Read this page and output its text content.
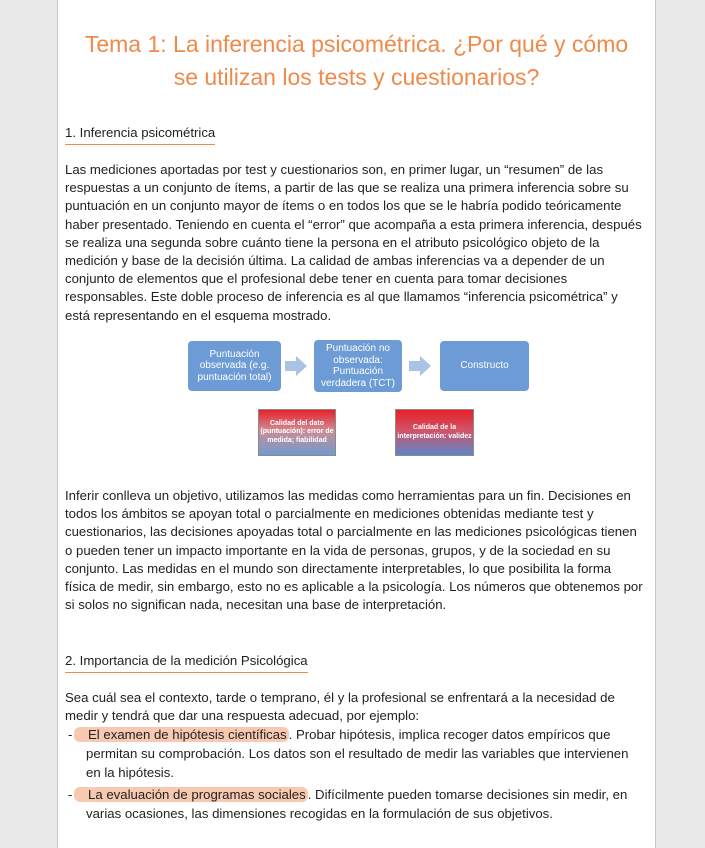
Tema 1: La inferencia psicométrica. ¿Por qué y cómo
se utilizan los tests y cuestionarios?
1. Inferencia psicométrica
Las mediciones aportadas por test y cuestionarios son, en primer lugar, un “resumen” de las respuestas a un conjunto de ítems, a partir de las que se realiza una primera inferencia sobre su puntuación en un conjunto mayor de ítems o en todos los que se le habría podido teóricamente haber presentado. Teniendo en cuenta el “error” que acompaña a esta primera inferencia, después se realiza una segunda sobre cuánto tiene la persona en el atributo psicológico objeto de la medición y base de la decisión última. La calidad de ambas inferencias va a depender de un conjunto de elementos que el profesional debe tener en cuenta para tomar decisiones responsables. Este doble proceso de inferencia es al que llamamos “inferencia psicométrica” y está representando en el esquema mostrado.
Puntuación observada (e.g. puntuación total)
Puntuación no observada: Puntuación verdadera (TCT)
Constructo
Calidad del dato (puntuación): error de medida; fiabilidad
Calidad de la interpretación: validez
Inferir conlleva un objetivo, utilizamos las medidas como herramientas para un fin. Decisiones en todos los ámbitos se apoyan total o parcialmente en mediciones obtenidas mediante test y cuestionarios, las decisiones apoyadas total o parcialmente en las mediciones psicológicas tienen o pueden tener un impacto importante en la vida de personas, grupos, y de la sociedad en su conjunto. Las medidas en el mundo son directamente interpretables, lo que posibilita la forma física de medir, sin embargo, esto no es aplicable a la psicología. Los números que obtenemos por si solos no significan nada, necesitan una base de interpretación.
2. Importancia de la medición Psicológica
Sea cuál sea el contexto, tarde o temprano, él y la profesional se enfrentará a la necesidad de medir y tendrá que dar una respuesta adecuad, por ejemplo:
- El examen de hipótesis científicas . Probar hipótesis, implica recoger datos empíricos que permitan su comprobación. Los datos son el resultado de medir las variables que intervienen en la hipótesis.
- La evaluación de programas sociales . Difícilmente pueden tomarse decisiones sin medir, en varias ocasiones, las dimensiones recogidas en la formulación de sus objetivos.
